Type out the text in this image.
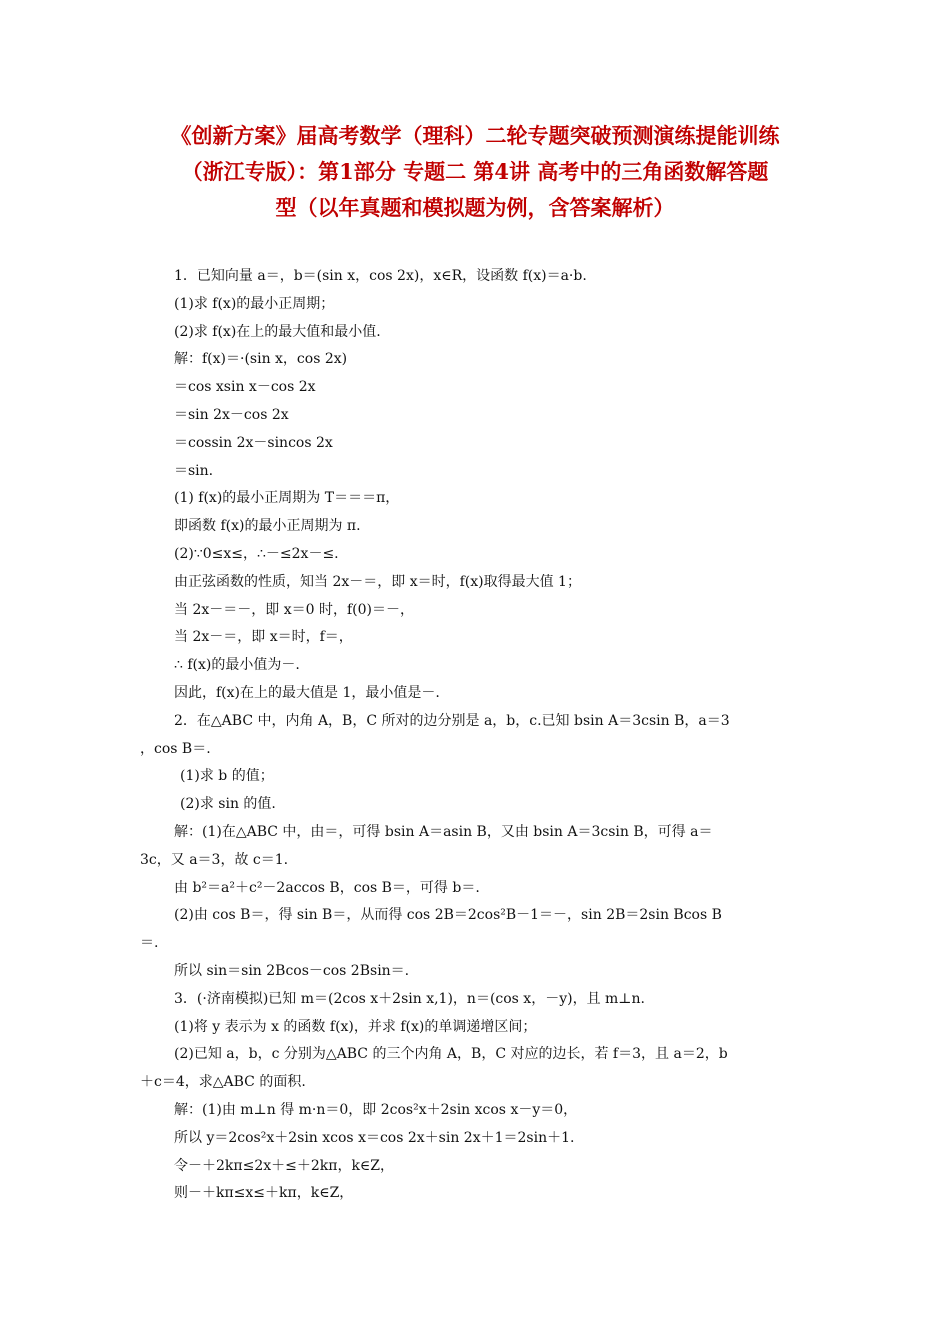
《创新方案》届高考数学（理科）二轮专题突破预测演练提能训练
（浙江专版）：第1部分 专题二 第4讲 高考中的三角函数解答题
型（以年真题和模拟题为例，含答案解析）
1．已知向量 a＝，b＝(sin x，cos 2x)，x∈R，设函数 f(x)＝a·b.
(1)求 f(x)的最小正周期；
(2)求 f(x)在上的最大值和最小值.
解：f(x)＝·(sin x，cos 2x)
＝cos xsin x－cos 2x
＝sin 2x－cos 2x
＝cossin 2x－sincos 2x
＝sin.
(1) f(x)的最小正周期为 T＝＝＝π，
即函数 f(x)的最小正周期为 π.
(2)∵0≤x≤，∴－≤2x－≤.
由正弦函数的性质，知当 2x－＝，即 x＝时，f(x)取得最大值 1；
当 2x－＝－，即 x＝0 时，f(0)＝－，
当 2x－＝，即 x＝时，f＝，
∴ f(x)的最小值为－.
因此，f(x)在上的最大值是 1，最小值是－.
2．在△ABC 中，内角 A，B，C 所对的边分别是 a，b，c.已知 bsin A＝3csin B，a＝3
，cos B＝.
(1)求 b 的值；
(2)求 sin 的值.
解：(1)在△ABC 中，由＝，可得 bsin A＝asin B，又由 bsin A＝3csin B，可得 a＝
3c，又 a＝3，故 c＝1.
由 b²＝a²＋c²－2accos B，cos B＝，可得 b＝.
(2)由 cos B＝，得 sin B＝，从而得 cos 2B＝2cos²B－1＝－，sin 2B＝2sin Bcos B
＝.
所以 sin＝sin 2Bcos－cos 2Bsin＝.
3．(·济南模拟)已知 m＝(2cos x＋2sin x,1)，n＝(cos x，－y)，且 m⊥n.
(1)将 y 表示为 x 的函数 f(x)，并求 f(x)的单调递增区间；
(2)已知 a，b，c 分别为△ABC 的三个内角 A，B，C 对应的边长，若 f＝3，且 a＝2，b
＋c＝4，求△ABC 的面积.
解：(1)由 m⊥n 得 m·n＝0，即 2cos²x＋2sin xcos x－y＝0，
所以 y＝2cos²x＋2sin xcos x＝cos 2x＋sin 2x＋1＝2sin＋1.
令－＋2kπ≤2x＋≤＋2kπ，k∈Z，
则－＋kπ≤x≤＋kπ，k∈Z，
